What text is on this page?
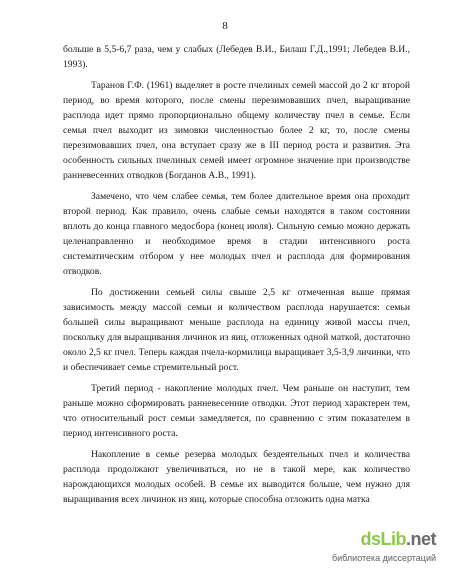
8

больше в 5,5-6,7 раза, чем у слабых (Лебедев В.И., Билаш Г.Д.,1991; Лебедев В.И., 1993).

Таранов Г.Ф. (1961) выделяет в росте пчелиных семей массой до 2 кг второй период, во время которого, после смены перезимовавших пчел, выращивание расплода идет прямо пропорционально общему количеству пчел в семье. Если семья пчел выходит из зимовки численностью более 2 кг, то, после смены перезимовавших пчел, она вступает сразу же в III период роста и развития. Эта особенность сильных пчелиных семей имеет огромное значение при производстве ранневесенних отводков (Богданов А.В., 1991).

Замечено, что чем слабее семья, тем более длительное время она проходит второй период. Как правило, очень слабые семьи находятся в таком состоянии вплоть до конца главного медосбора (конец июля). Сильную семью можно держать целенаправленно и необходимое время в стадии интенсивного роста систематическим отбором у нее молодых пчел и расплода для формирования отводков.

По достижении семьей силы свыше 2,5 кг отмеченная выше прямая зависимость между массой семьи и количеством расплода нарушается: семьи большей силы выращивают меньше расплода на единицу живой массы пчел, поскольку для выращивания личинок из яиц, отложенных одной маткой, достаточно около 2,5 кг пчел. Теперь каждая пчела-кормилица выращивает 3,5-3,9 личинки, что и обеспечивает семье стремительный рост.

Третий период - накопление молодых пчел. Чем раньше он наступит, тем раньше можно сформировать ранневесенние отводки. Этот период характерен тем, что относительный рост семьи замедляется, по сравнению с этим показателем в период интенсивного роста.

Накопление в семье резерва молодых бездеятельных пчел и количества расплода продолжают увеличиваться, но не в такой мере, как количество нарождающихся молодых особей. В семье их выводится больше, чем нужно для выращивания всех личинок из яиц, которые способна отложить одна матка

dsLib.net
библиотека диссертаций
